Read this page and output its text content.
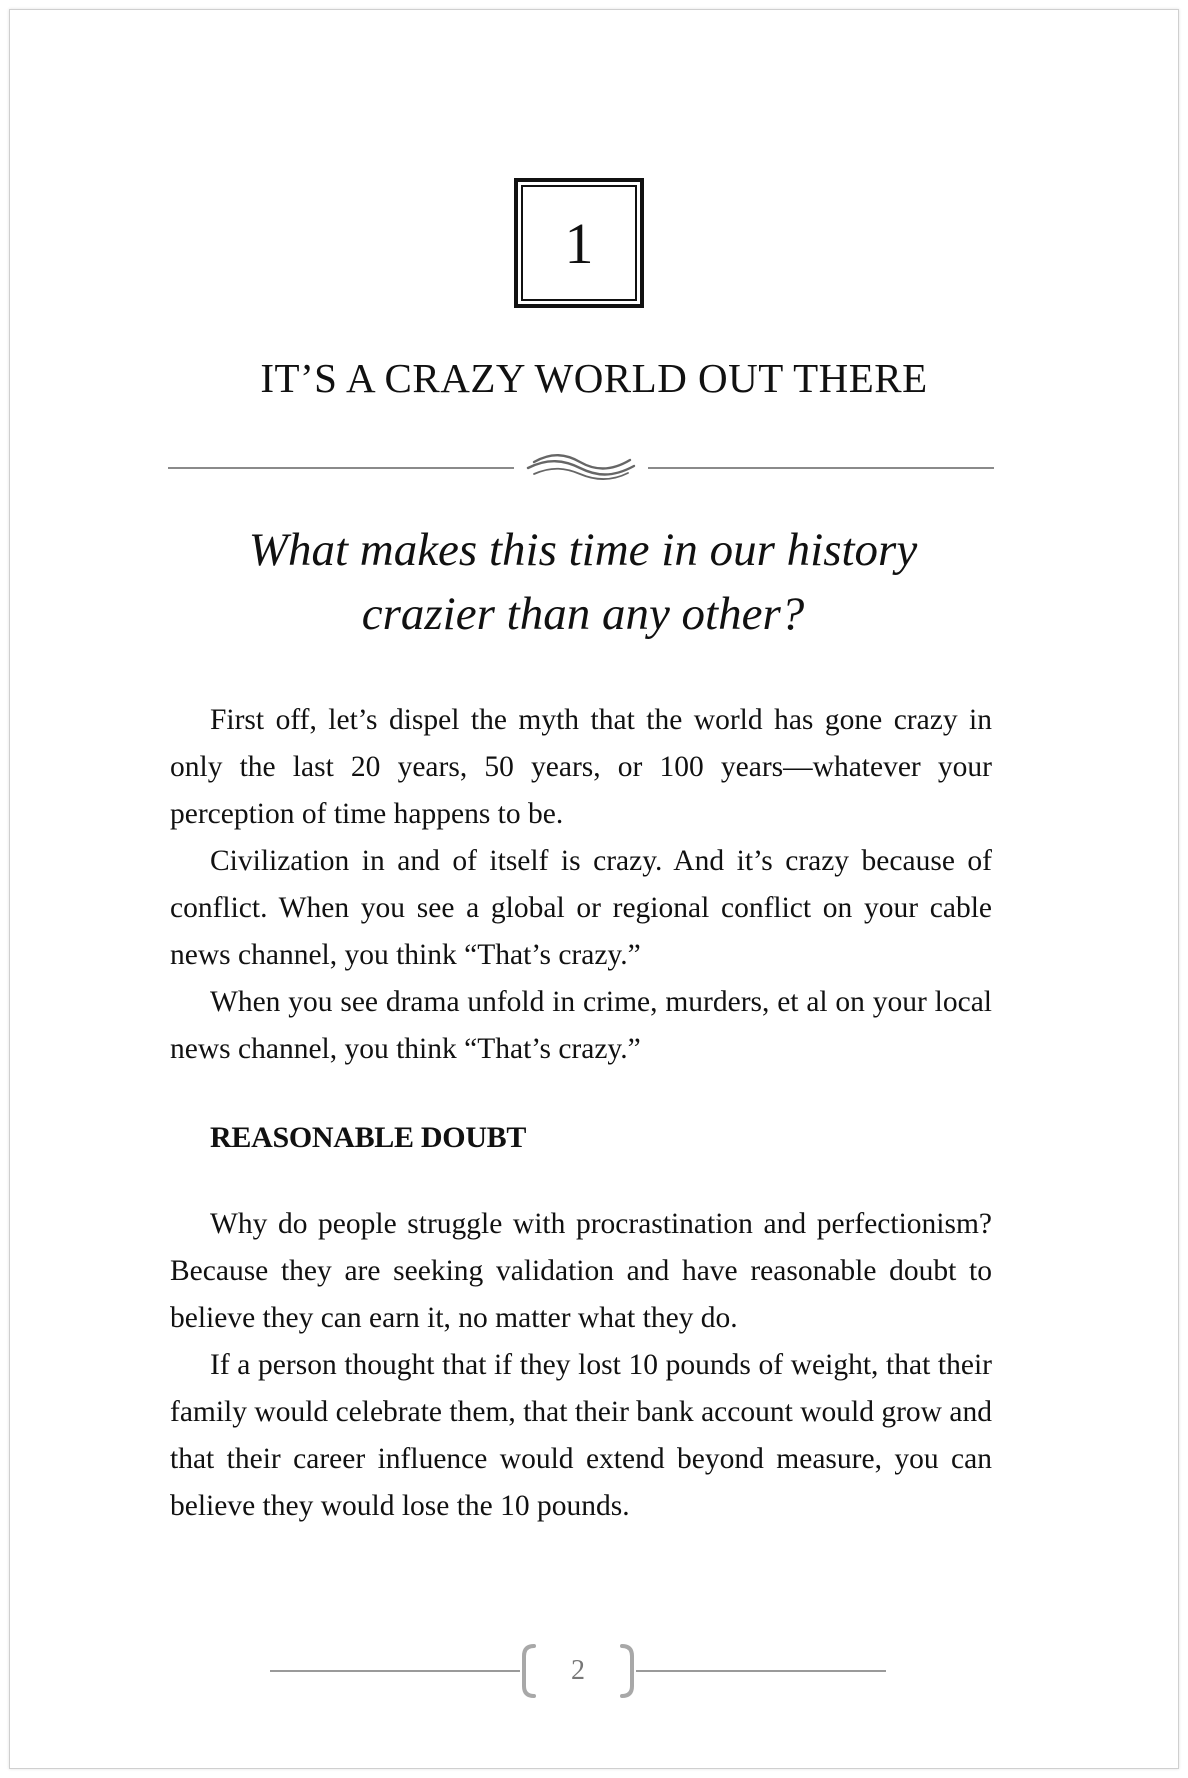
1
IT’S A CRAZY WORLD OUT THERE
What makes this time in our history
crazier than any other?

First off, let’s dispel the myth that the world has gone crazy in only the last 20 years, 50 years, or 100 years—whatever your perception of time happens to be.

Civilization in and of itself is crazy. And it’s crazy because of conflict. When you see a global or regional conflict on your cable news channel, you think “That’s crazy.”

When you see drama unfold in crime, murders, et al on your local news channel, you think “That’s crazy.”

REASONABLE DOUBT

Why do people struggle with procrastination and perfectionism? Because they are seeking validation and have reasonable doubt to believe they can earn it, no matter what they do.

If a person thought that if they lost 10 pounds of weight, that their family would celebrate them, that their bank account would grow and that their career influence would extend beyond measure, you can believe they would lose the 10 pounds.

2
